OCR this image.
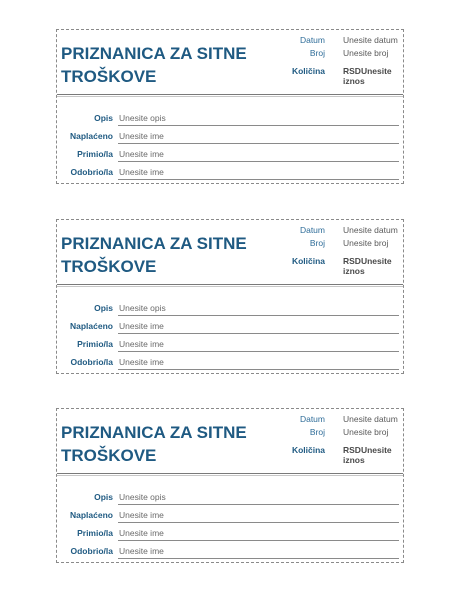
PRIZNANICA ZA SITNE
TROŠKOVE
Datum Unesite datum
Broj Unesite broj
Količina RSDUnesite iznos
Opis Unesite opis
Naplaćeno Unesite ime
Primio/la Unesite ime
Odobrio/la Unesite ime
PRIZNANICA ZA SITNE
TROŠKOVE
Datum Unesite datum
Broj Unesite broj
Količina RSDUnesite iznos
Opis Unesite opis
Naplaćeno Unesite ime
Primio/la Unesite ime
Odobrio/la Unesite ime
PRIZNANICA ZA SITNE
TROŠKOVE
Datum Unesite datum
Broj Unesite broj
Količina RSDUnesite iznos
Opis Unesite opis
Naplaćeno Unesite ime
Primio/la Unesite ime
Odobrio/la Unesite ime
